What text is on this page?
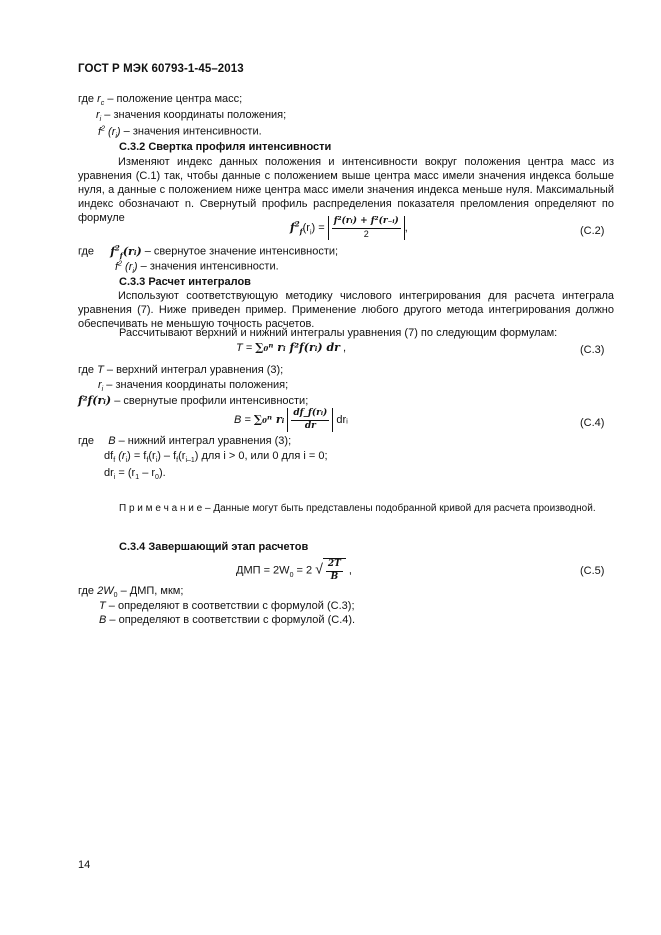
ГОСТ Р МЭК 60793-1-45–2013
где $r_c$ – положение центра масс;
$r_i$ – значения координаты положения;
$f^2$ $(r_i)$ – значения интенсивности.
С.3.2 Свертка профиля интенсивности
Изменяют индекс данных положения и интенсивности вокруг положения центра масс из уравнения (С.1) так, чтобы данные с положением выше центра масс имели значения индекса больше нуля, а данные с положением ниже центра масс имели значения индекса меньше нуля. Максимальный индекс обозначают n. Свернутый профиль распределения показателя преломления определяют по формуле
$f^2_f(r_i) = \frac{\text{f²(rᵢ) + f²(r₋ᵢ)}}{2}$ ,	(С.2)
где $f^2_f(rᵢ)$ – свернутое значение интенсивности;
$f^2$ $(r_i)$ – значения интенсивности.
С.3.3 Расчет интегралов
Используют соответствующую методику числового интегрирования для расчета интеграла уравнения (7). Ниже приведен пример. Применение любого другого метода интегрирования должно обеспечивать не меньшую точность расчетов.
Рассчитывают верхний и нижний интегралы уравнения (7) по следующим формулам:
T = ∑₀ⁿ rᵢ f²f(rᵢ) dr ,	(С.3)
где T – верхний интеграл уравнения (3);
$r_i$ – значения координаты положения;
f²f(rᵢ) – свернутые профили интенсивности;
B = ∑₀ⁿ rᵢ $\frac{\text{df\_f(rᵢ)}}{dr}$ drᵢ	(С.4)
где B – нижний интеграл уравнения (3);
$df_f$ $(r_i) = f_f(r_i) - f_f(r_{i-1})$ для i > 0, или 0 для i = 0;
$dr_i = (r_1 - r_0)$.
П р и м е ч а н и е – Данные могут быть представлены подобранной кривой для расчета производной.
С.3.4 Завершающий этап расчетов
ДМП = $2W_0 = 2$ √ $\frac{2T}{B}$ ,	(С.5)
где $2W_0$ – ДМП, мкм;
T – определяют в соответствии с формулой (С.3);
B – определяют в соответствии с формулой (С.4).
14
